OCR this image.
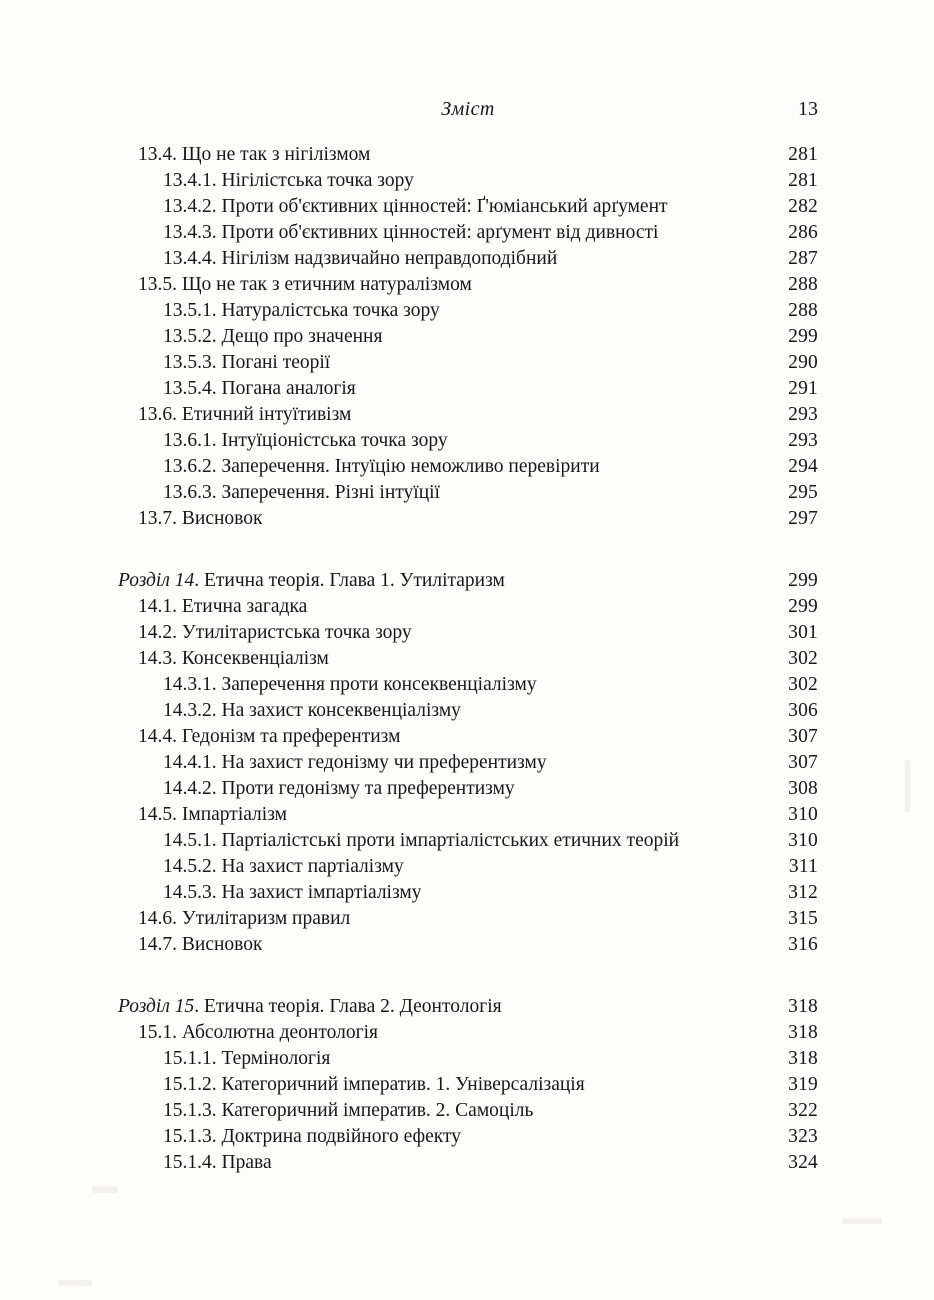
Зміст	13
13.4. Що не так з нігілізмом	281
13.4.1. Нігілістська точка зору	281
13.4.2. Проти об'єктивних цінностей: Ґ'юміанський арґумент	282
13.4.3. Проти об'єктивних цінностей: арґумент від дивності	286
13.4.4. Нігілізм надзвичайно неправдоподібний	287
13.5. Що не так з етичним натуралізмом	288
13.5.1. Натуралістська точка зору	288
13.5.2. Дещо про значення	299
13.5.3. Погані теорії	290
13.5.4. Погана аналогія	291
13.6. Етичний інтуїтивізм	293
13.6.1. Інтуїціоністська точка зору	293
13.6.2. Заперечення. Інтуїцію неможливо перевірити	294
13.6.3. Заперечення. Різні інтуїції	295
13.7. Висновок	297
Розділ 14. Етична теорія. Глава 1. Утилітаризм	299
14.1. Етична загадка	299
14.2. Утилітаристська точка зору	301
14.3. Консеквенціалізм	302
14.3.1. Заперечення проти консеквенціалізму	302
14.3.2. На захист консеквенціалізму	306
14.4. Гедонізм та преферентизм	307
14.4.1. На захист гедонізму чи преферентизму	307
14.4.2. Проти гедонізму та преферентизму	308
14.5. Імпартіалізм	310
14.5.1. Партіалістські проти імпартіалістських етичних теорій	310
14.5.2. На захист партіалізму	311
14.5.3. На захист імпартіалізму	312
14.6. Утилітаризм правил	315
14.7. Висновок	316
Розділ 15. Етична теорія. Глава 2. Деонтологія	318
15.1. Абсолютна деонтологія	318
15.1.1. Термінологія	318
15.1.2. Категоричний імператив. 1. Універсалізація	319
15.1.3. Категоричний імператив. 2. Самоціль	322
15.1.3. Доктрина подвійного ефекту	323
15.1.4. Права	324
